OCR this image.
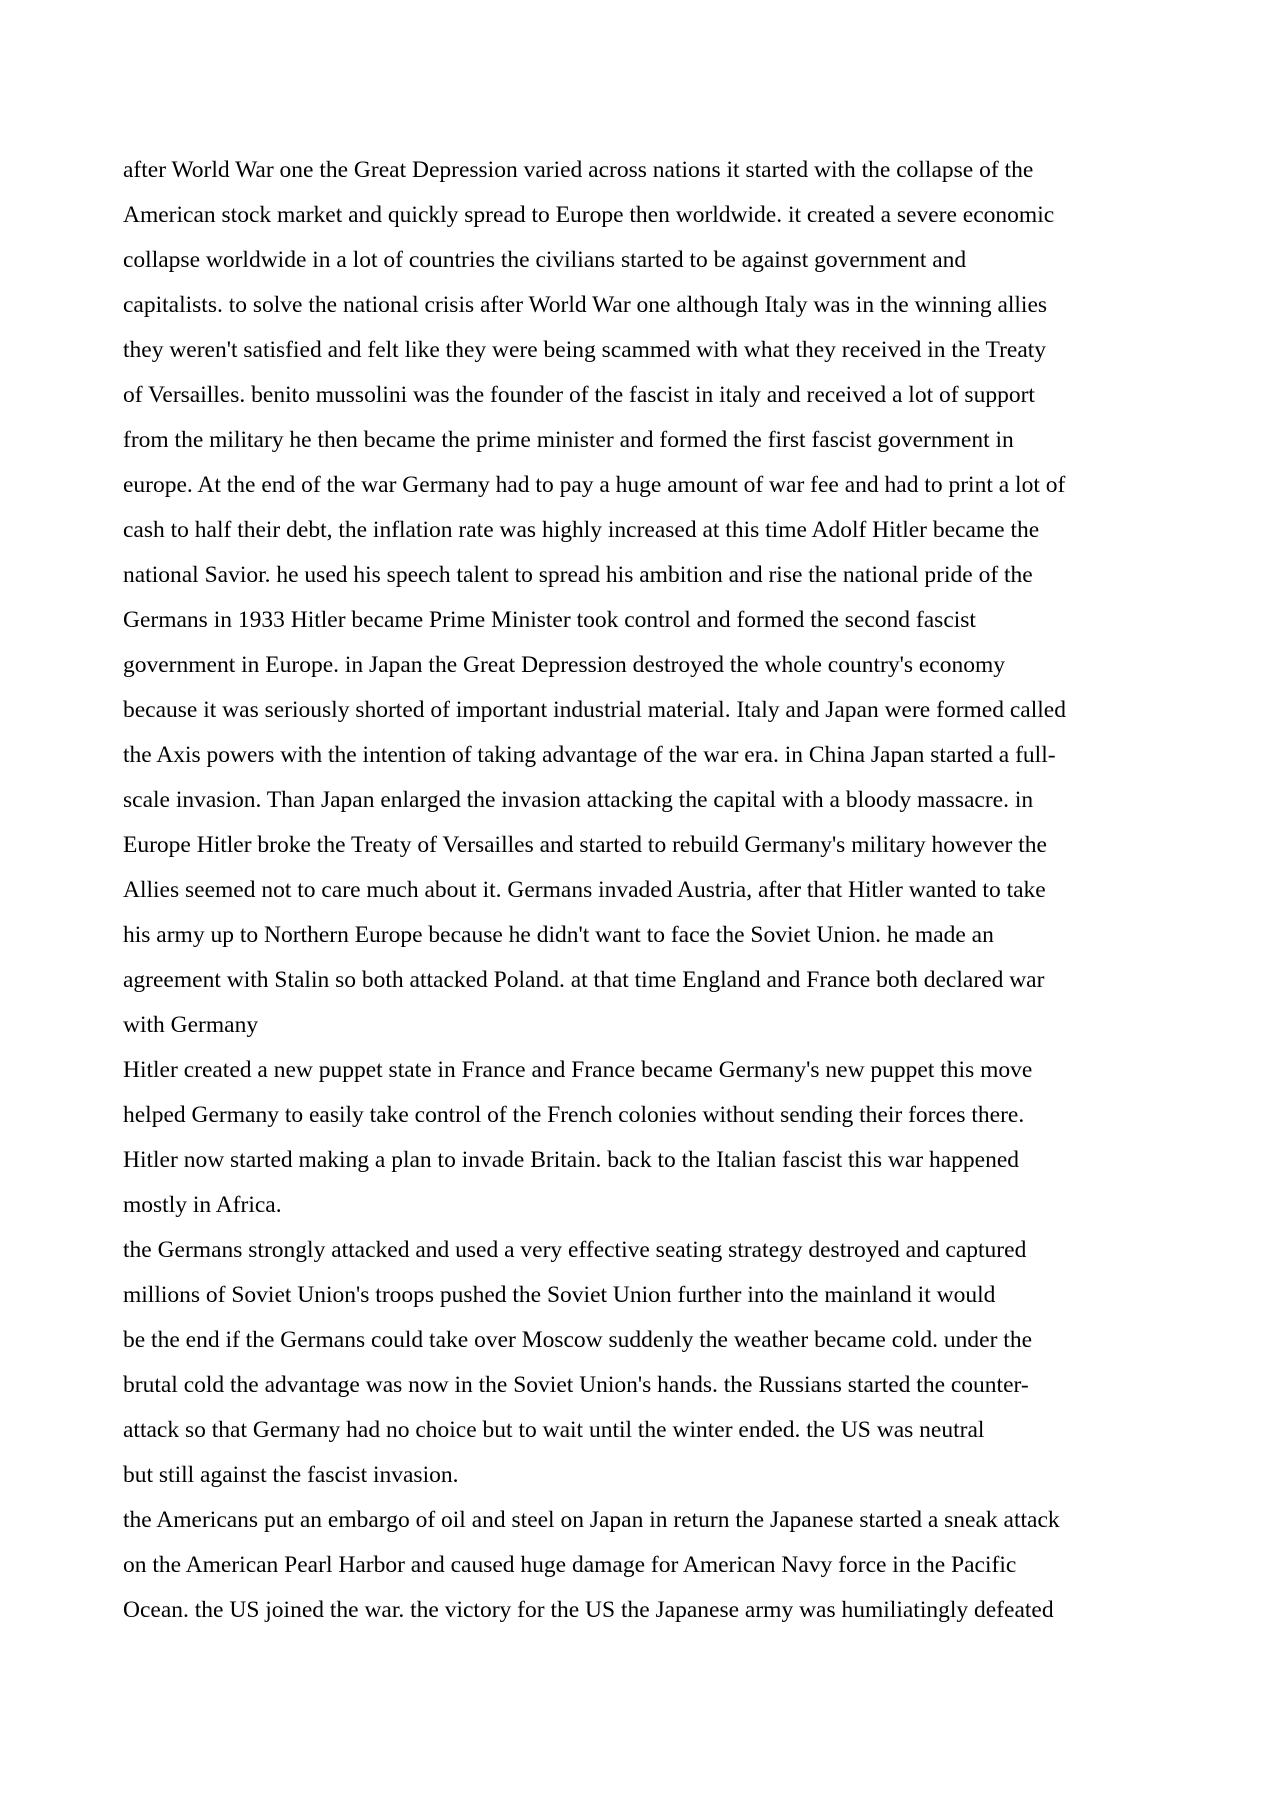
after World War one the Great Depression varied across nations it started with the collapse of the
American stock market and quickly spread to Europe then worldwide. it created a severe economic
collapse worldwide in a lot of countries the civilians started to be against government and
capitalists. to solve the national crisis after World War one although Italy was in the winning allies
they weren't satisfied and felt like they were being scammed with what they received in the Treaty
of Versailles. benito mussolini was the founder of the fascist in italy and received a lot of support
from the military he then became the prime minister and formed the first fascist government in
europe. At the end of the war Germany had to pay a huge amount of war fee and had to print a lot of
cash to half their debt, the inflation rate was highly increased at this time Adolf Hitler became the
national Savior. he used his speech talent to spread his ambition and rise the national pride of the
Germans in 1933 Hitler became Prime Minister took control and formed the second fascist
government in Europe. in Japan the Great Depression destroyed the whole country's economy
because it was seriously shorted of important industrial material. Italy and Japan were formed called
the Axis powers with the intention of taking advantage of the war era. in China Japan started a full-
scale invasion. Than Japan enlarged the invasion attacking the capital with a bloody massacre. in
Europe Hitler broke the Treaty of Versailles and started to rebuild Germany's military however the
Allies seemed not to care much about it. Germans invaded Austria, after that Hitler wanted to take
his army up to Northern Europe because he didn't want to face the Soviet Union. he made an
agreement with Stalin so both attacked Poland. at that time England and France both declared war
with Germany
Hitler created a new puppet state in France and France became Germany's new puppet this move
helped Germany to easily take control of the French colonies without sending their forces there.
Hitler now started making a plan to invade Britain. back to the Italian fascist this war happened
mostly in Africa.
the Germans strongly attacked and used a very effective seating strategy destroyed and captured
millions of Soviet Union's troops pushed the Soviet Union further into the mainland it would
be the end if the Germans could take over Moscow suddenly the weather became cold. under the
brutal cold the advantage was now in the Soviet Union's hands. the Russians started the counter-
attack so that Germany had no choice but to wait until the winter ended. the US was neutral
but still against the fascist invasion.
the Americans put an embargo of oil and steel on Japan in return the Japanese started a sneak attack
on the American Pearl Harbor and caused huge damage for American Navy force in the Pacific
Ocean. the US joined the war. the victory for the US the Japanese army was humiliatingly defeated
